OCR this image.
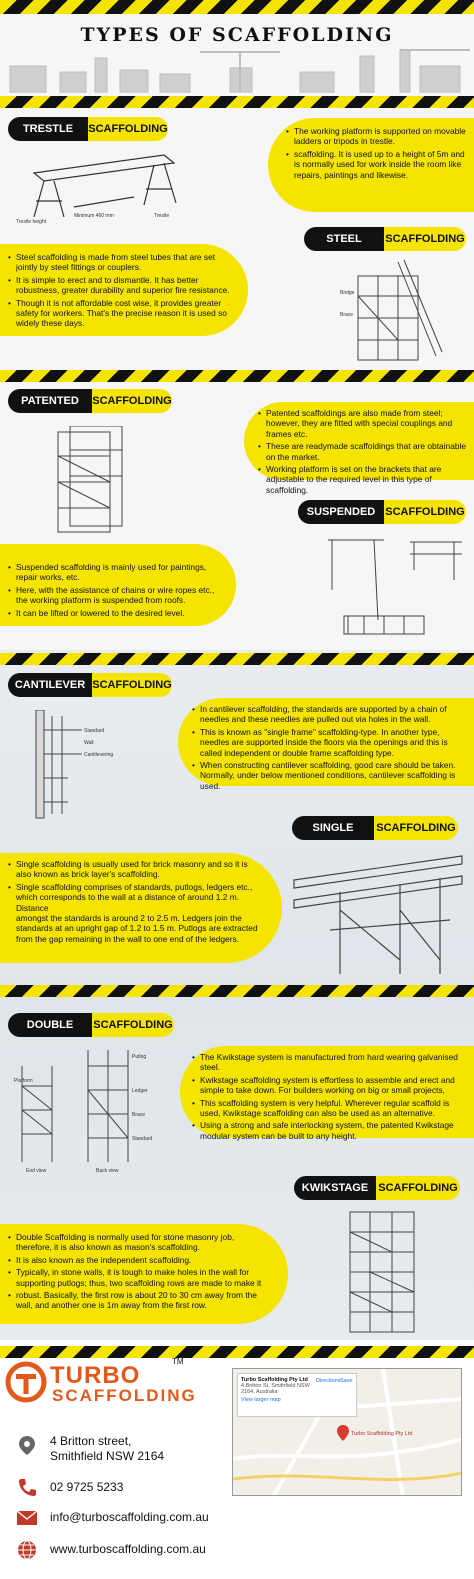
TYPES OF SCAFFOLDING
TRESTLE	SCAFFOLDING
Trestle height
Minimum 460 mm	Trestle
• The working platform is supported on movable ladders or tripods in trestle.
• scaffolding. It is used up to a height of 5m and is normally used for work inside the room like repairs, paintings and likewise.
STEEL	SCAFFOLDING
• Steel scaffolding is made from steel tubes that are set jointly by steel fittings or couplers.
• It is simple to erect and to dismantle. It has better robustness, greater durability and superior fire resistance.
• Though it is not affordable cost wise, it provides greater safety for workers. That's the precise reason it is used so widely these days.
Bridge
Brace
PATENTED	SCAFFOLDING
• Patented scaffoldings are also made from steel; however, they are fitted with special couplings and frames etc.
• These are readymade scaffoldings that are obtainable on the market.
• Working platform is set on the brackets that are adjustable to the required level in this type of scaffolding.
SUSPENDED SCAFFOLDING
• Suspended scaffolding is mainly used for paintings, repair works, etc.
• Here, with the assistance of chains or wire ropes etc., the working platform is suspended from roofs.
• It can be lifted or lowered to the desired level.
CANTILEVER SCAFFOLDING
Standard
Wall
Cantilevering
• In cantilever scaffolding, the standards are supported by a chain of needles and these needles are pulled out via holes in the wall.
• This is known as "single frame" scaffolding-type. In another type, needles are supported inside the floors via the openings and this is called independent or double frame scaffolding type.
• When constructing cantilever scaffolding, good care should be taken. Normally, under below mentioned conditions, cantilever scaffolding is used.
SINGLE	SCAFFOLDING
• Single scaffolding is usually used for brick masonry and so it is also known as brick layer's scaffolding.
• Single scaffolding comprises of standards, putlogs, ledgers etc., which corresponds to the wall at a distance of around 1.2 m. Distance
amongst the standards is around 2 to 2.5 m. Ledgers join the standards at an upright gap of 1.2 to 1.5 m. Putlogs are extracted from the gap remaining in the wall to one end of the ledgers.
DOUBLE	SCAFFOLDING
Putlog
Platform
Ledger
Brace
Standard
End view	Back view
• The Kwikstage system is manufactured from hard wearing galvanised steel.
• Kwikstage scaffolding system is effortless to assemble and erect and simple to take down. For builders working on big or small projects,
• This scaffolding system is very helpful. Wherever regular scaffold is used, Kwikstage scaffolding can also be used as an alternative.
• Using a strong and safe interlocking system, the patented Kwikstage modular system can be built to any height.
KWIKSTAGE SCAFFOLDING
• Double Scaffolding is normally used for stone masonry job, therefore, it is also known as mason's scaffolding.
• It is also known as the independent scaffolding.
• Typically, in stone walls, it is tough to make holes in the wall for supporting putlogs; thus, two scaffolding rows are made to make it
• robust. Basically, the first row is about 20 to 30 cm away from the wall, and another one is 1m away from the first row.
TURBO
SCAFFOLDING
TM
4 Britton street,
Smithfield NSW 2164
02 9725 5233
info@turboscaffolding.com.au
www.turboscaffolding.com.au
Turbo Scaffolding Pty Ltd
Turbo Scaffolding Pty Ltd
4 Britton St, Smithfield NSW 2164, Australia
View larger map
Directions Save
